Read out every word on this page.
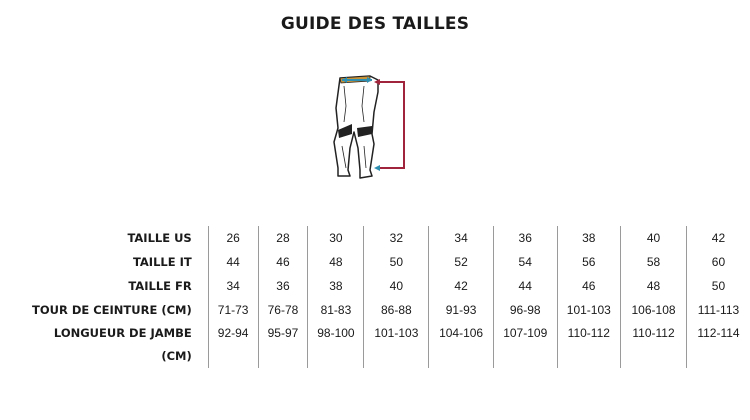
GUIDE DES TAILLES
TAILLE US	26	28	30	32	34	36	38	40	42
TAILLE IT	44	46	48	50	52	54	56	58	60
TAILLE FR	34	36	38	40	42	44	46	48	50
TOUR DE CEINTURE (CM)	71-73	76-78	81-83	86-88	91-93	96-98	101-103	106-108	111-113
LONGUEUR DE JAMBE	92-94	95-97	98-100	101-103	104-106	107-109	110-112	110-112	112-114
(CM)									
